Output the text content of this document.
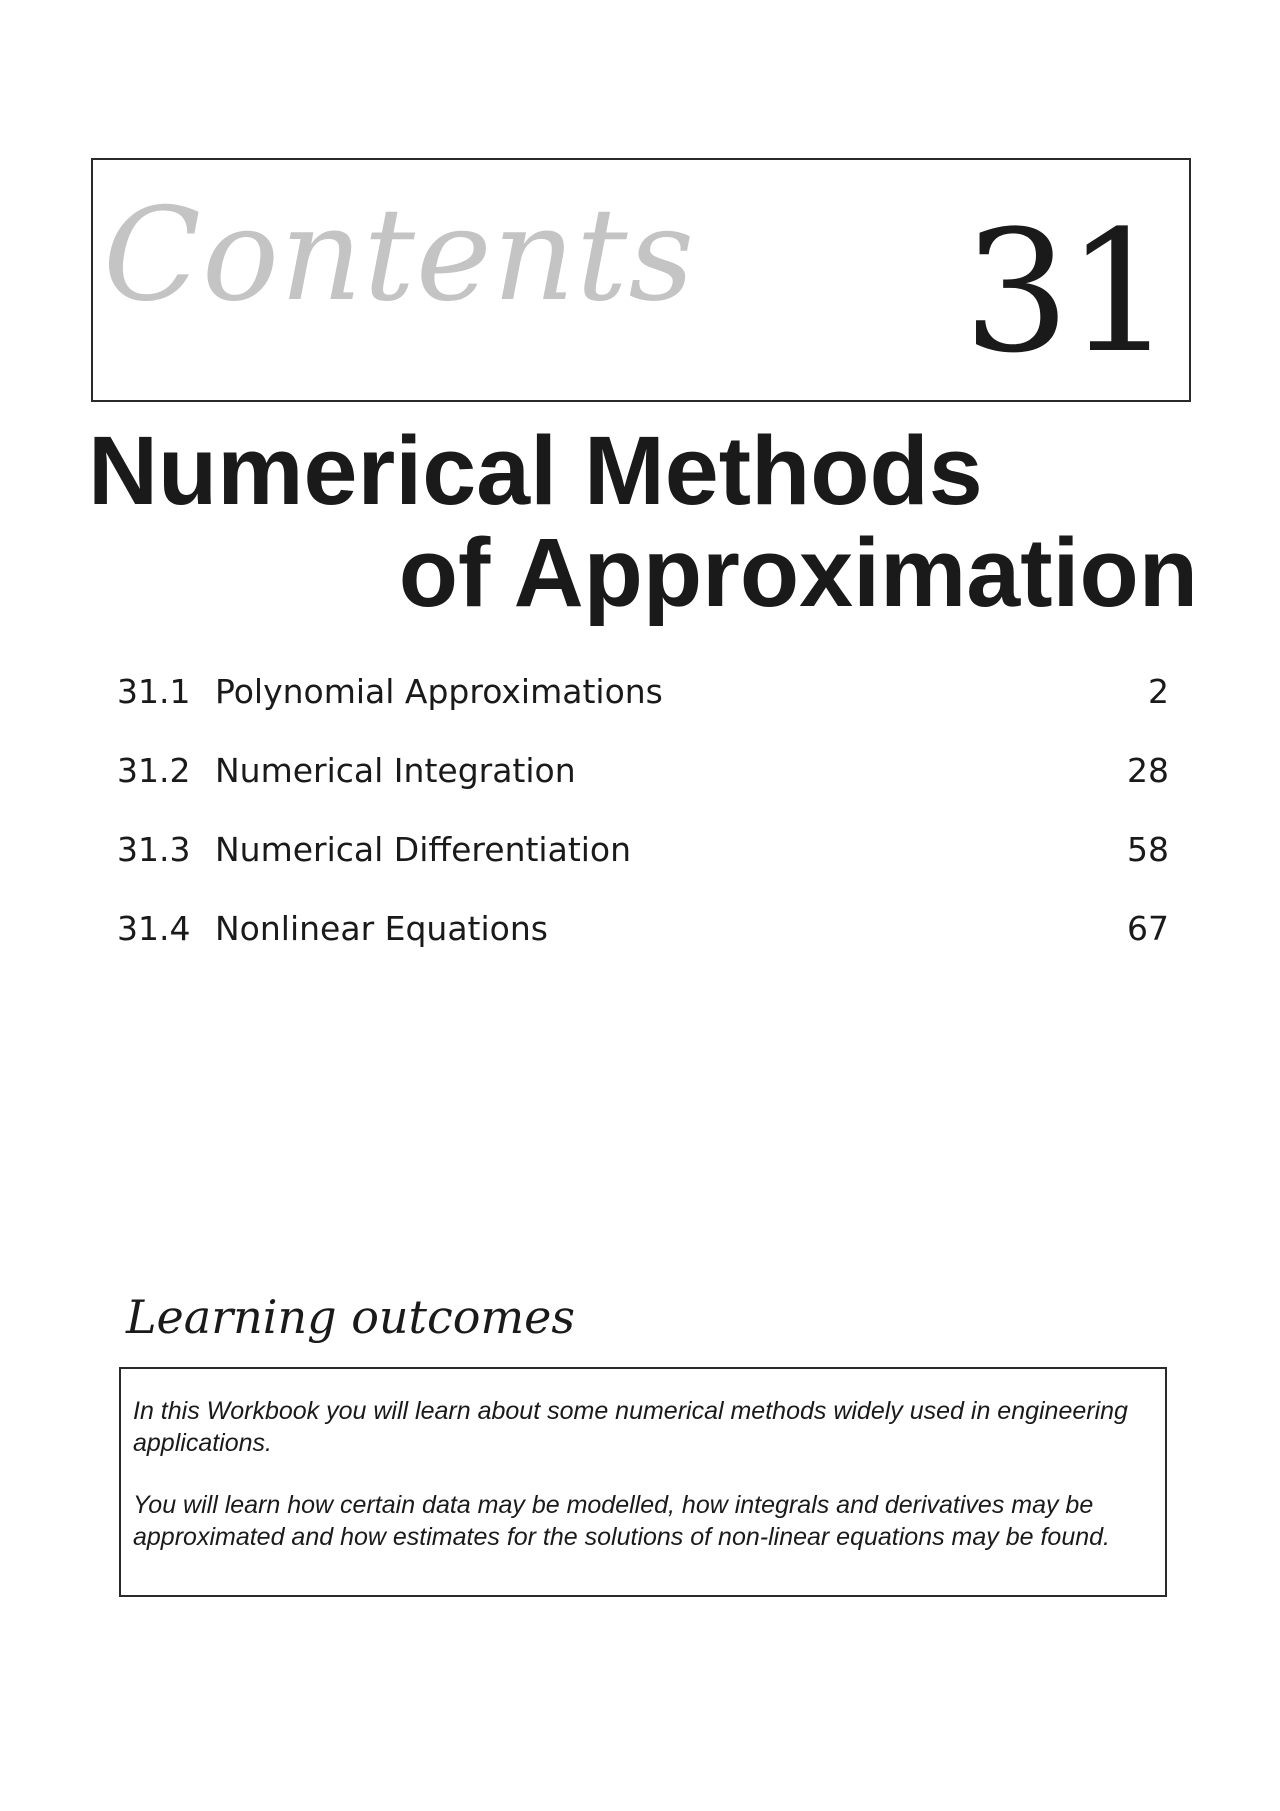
Contents 31
Numerical Methods
of Approximation
31.1 Polynomial Approximations	2
31.2 Numerical Integration	28
31.3 Numerical Differentiation	58
31.4 Nonlinear Equations	67
Learning outcomes

In this Workbook you will learn about some numerical methods widely used in engineering applications.

You will learn how certain data may be modelled, how integrals and derivatives may be approximated and how estimates for the solutions of non-linear equations may be found.
